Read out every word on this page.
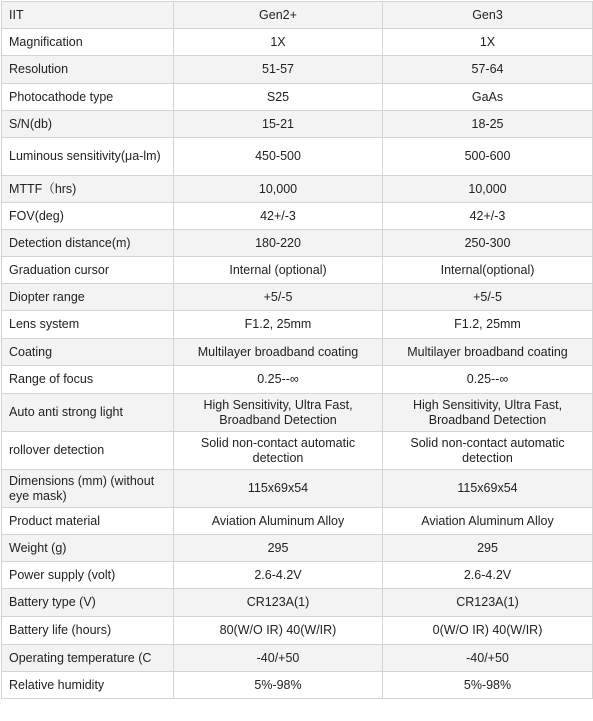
IIT	Gen2+	Gen3
Magnification	1X	1X
Resolution	51-57	57-64
Photocathode type	S25	GaAs
S/N(db)	15-21	18-25
Luminous sensitivity(μa-lm)	450-500	500-600
MTTF（hrs)	10,000	10,000
FOV(deg)	42+/-3	42+/-3
Detection distance(m)	180-220	250-300
Graduation cursor	Internal (optional)	Internal(optional)
Diopter range	+5/-5	+5/-5
Lens system	F1.2, 25mm	F1.2, 25mm
Coating	Multilayer broadband coating	Multilayer broadband coating
Range of focus	0.25--∞	0.25--∞
Auto anti strong light	High Sensitivity, Ultra Fast, Broadband Detection	High Sensitivity, Ultra Fast, Broadband Detection
rollover detection	Solid non-contact automatic detection	Solid non-contact automatic detection
Dimensions (mm) (without eye mask)	115x69x54	115x69x54
Product material	Aviation Aluminum Alloy	Aviation Aluminum Alloy
Weight (g)	295	295
Power supply (volt)	2.6-4.2V	2.6-4.2V
Battery type (V)	CR123A(1)	CR123A(1)
Battery life (hours)	80(W/O IR) 40(W/IR)	0(W/O IR) 40(W/IR)
Operating temperature (C	-40/+50	-40/+50
Relative humidity	5%-98%	5%-98%
